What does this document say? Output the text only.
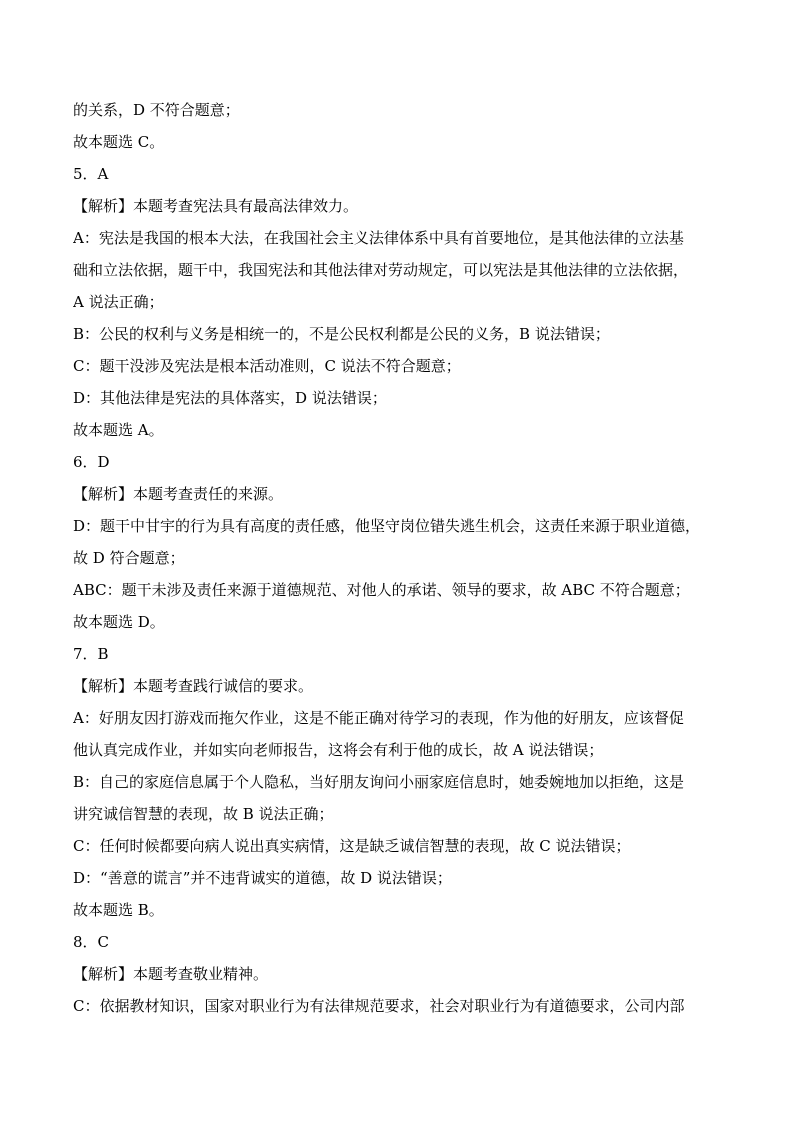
的关系，D 不符合题意；
故本题选 C。
5．A
【解析】本题考查宪法具有最高法律效力。
A：宪法是我国的根本大法，在我国社会主义法律体系中具有首要地位，是其他法律的立法基
础和立法依据，题干中，我国宪法和其他法律对劳动规定，可以宪法是其他法律的立法依据，
A 说法正确；
B：公民的权利与义务是相统一的，不是公民权利都是公民的义务，B 说法错误；
C：题干没涉及宪法是根本活动准则，C 说法不符合题意；
D：其他法律是宪法的具体落实，D 说法错误；
故本题选 A。
6．D
【解析】本题考查责任的来源。
D：题干中甘宇的行为具有高度的责任感，他坚守岗位错失逃生机会，这责任来源于职业道德，
故 D 符合题意；
ABC：题干未涉及责任来源于道德规范、对他人的承诺、领导的要求，故 ABC 不符合题意；
故本题选 D。
7．B
【解析】本题考查践行诚信的要求。
A：好朋友因打游戏而拖欠作业，这是不能正确对待学习的表现，作为他的好朋友，应该督促
他认真完成作业，并如实向老师报告，这将会有利于他的成长，故 A 说法错误；
B：自己的家庭信息属于个人隐私，当好朋友询问小丽家庭信息时，她委婉地加以拒绝，这是
讲究诚信智慧的表现，故 B 说法正确；
C：任何时候都要向病人说出真实病情，这是缺乏诚信智慧的表现，故 C 说法错误；
D：“善意的谎言”并不违背诚实的道德，故 D 说法错误；
故本题选 B。
8．C
【解析】本题考查敬业精神。
C：依据教材知识，国家对职业行为有法律规范要求，社会对职业行为有道德要求，公司内部
